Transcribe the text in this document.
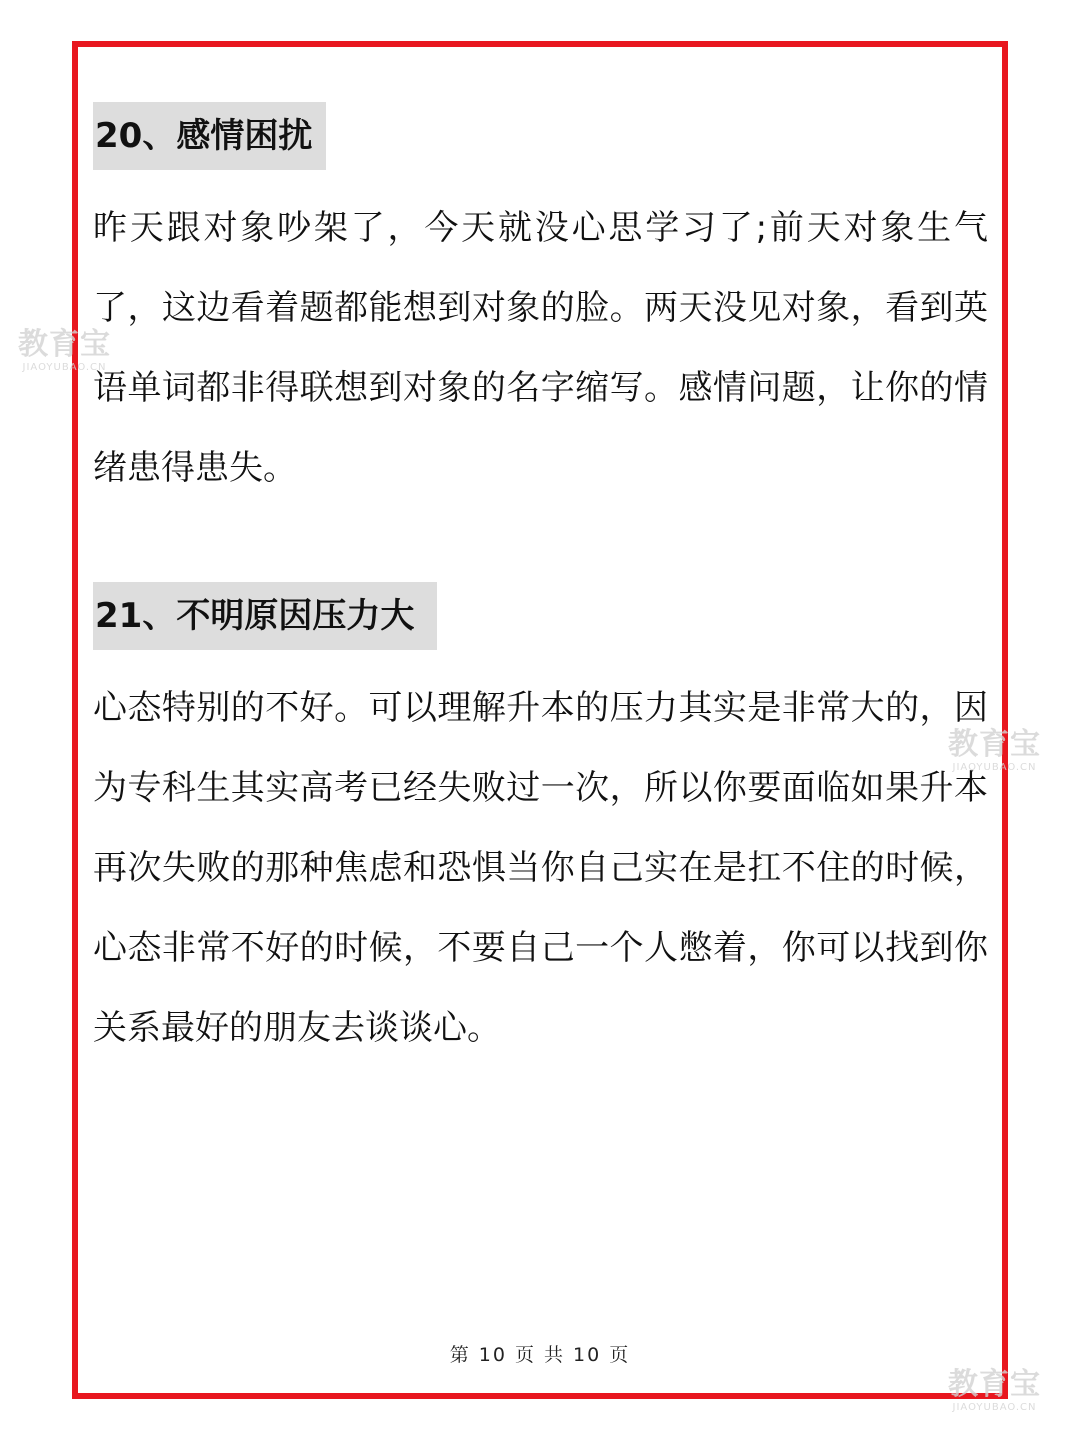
教育宝
JIAOYUBAO.CN
20、感情困扰

昨天跟对象吵架了，今天就没心思学习了;前天对象生气了，这边看着题都能想到对象的脸。两天没见对象，看到英语单词都非得联想到对象的名字缩写。感情问题，让你的情绪患得患失。

教育宝
JIAOYUBAO.CN
21、不明原因压力大

心态特别的不好。可以理解升本的压力其实是非常大的，因为专科生其实高考已经失败过一次，所以你要面临如果升本再次失败的那种焦虑和恐惧当你自己实在是扛不住的时候，心态非常不好的时候，不要自己一个人憋着，你可以找到你关系最好的朋友去谈谈心。

第 10 页 共 10 页
教育宝
JIAOYUBAO.CN
